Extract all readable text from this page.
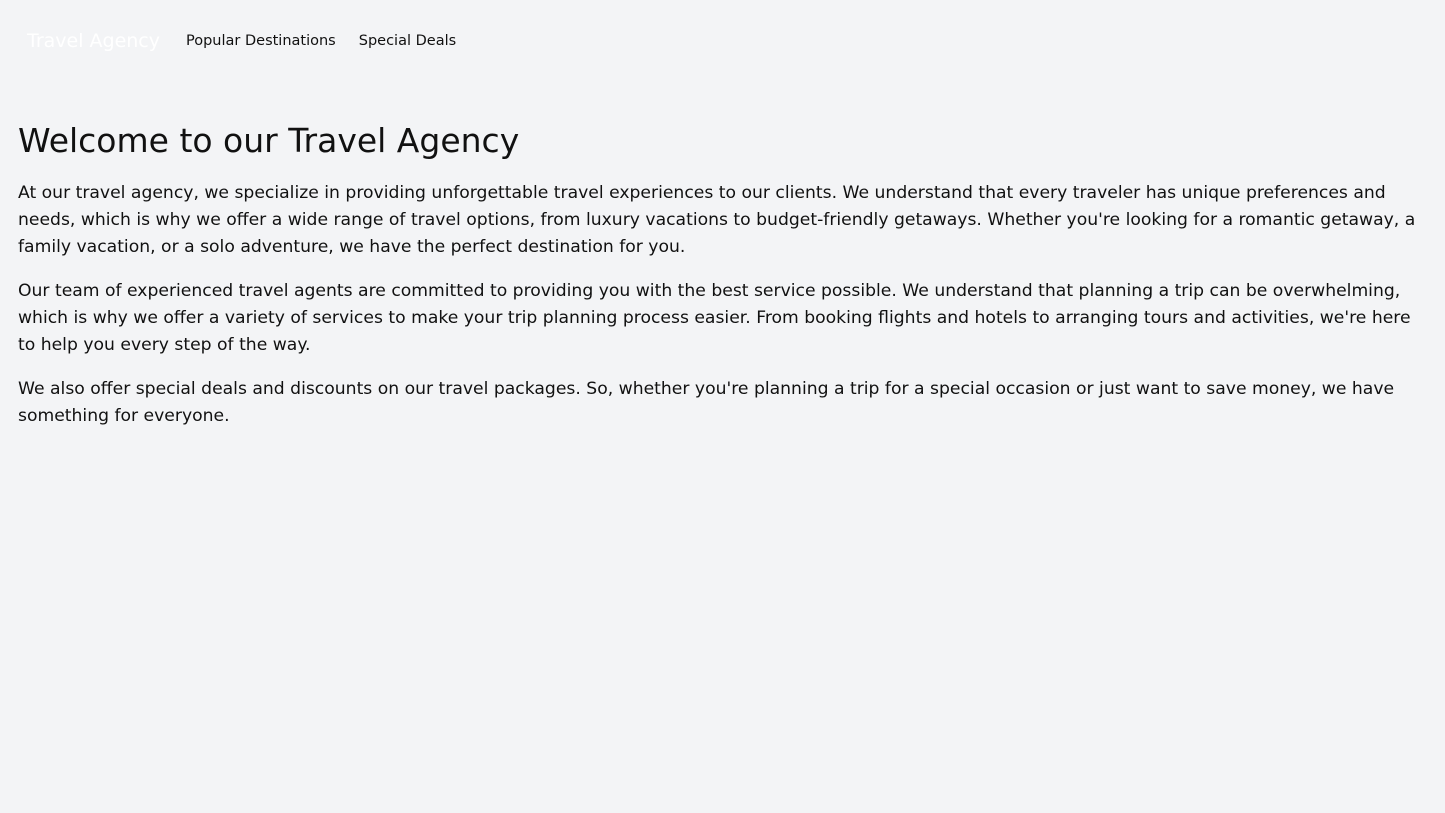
Travel Agency Popular Destinations Special Deals
Welcome to our Travel Agency

At our travel agency, we specialize in providing unforgettable travel experiences to our clients. We understand that every traveler has unique preferences and needs, which is why we offer a wide range of travel options, from luxury vacations to budget-friendly getaways. Whether you're looking for a romantic getaway, a family vacation, or a solo adventure, we have the perfect destination for you.

Our team of experienced travel agents are committed to providing you with the best service possible. We understand that planning a trip can be overwhelming, which is why we offer a variety of services to make your trip planning process easier. From booking flights and hotels to arranging tours and activities, we're here to help you every step of the way.

We also offer special deals and discounts on our travel packages. So, whether you're planning a trip for a special occasion or just want to save money, we have something for everyone.
